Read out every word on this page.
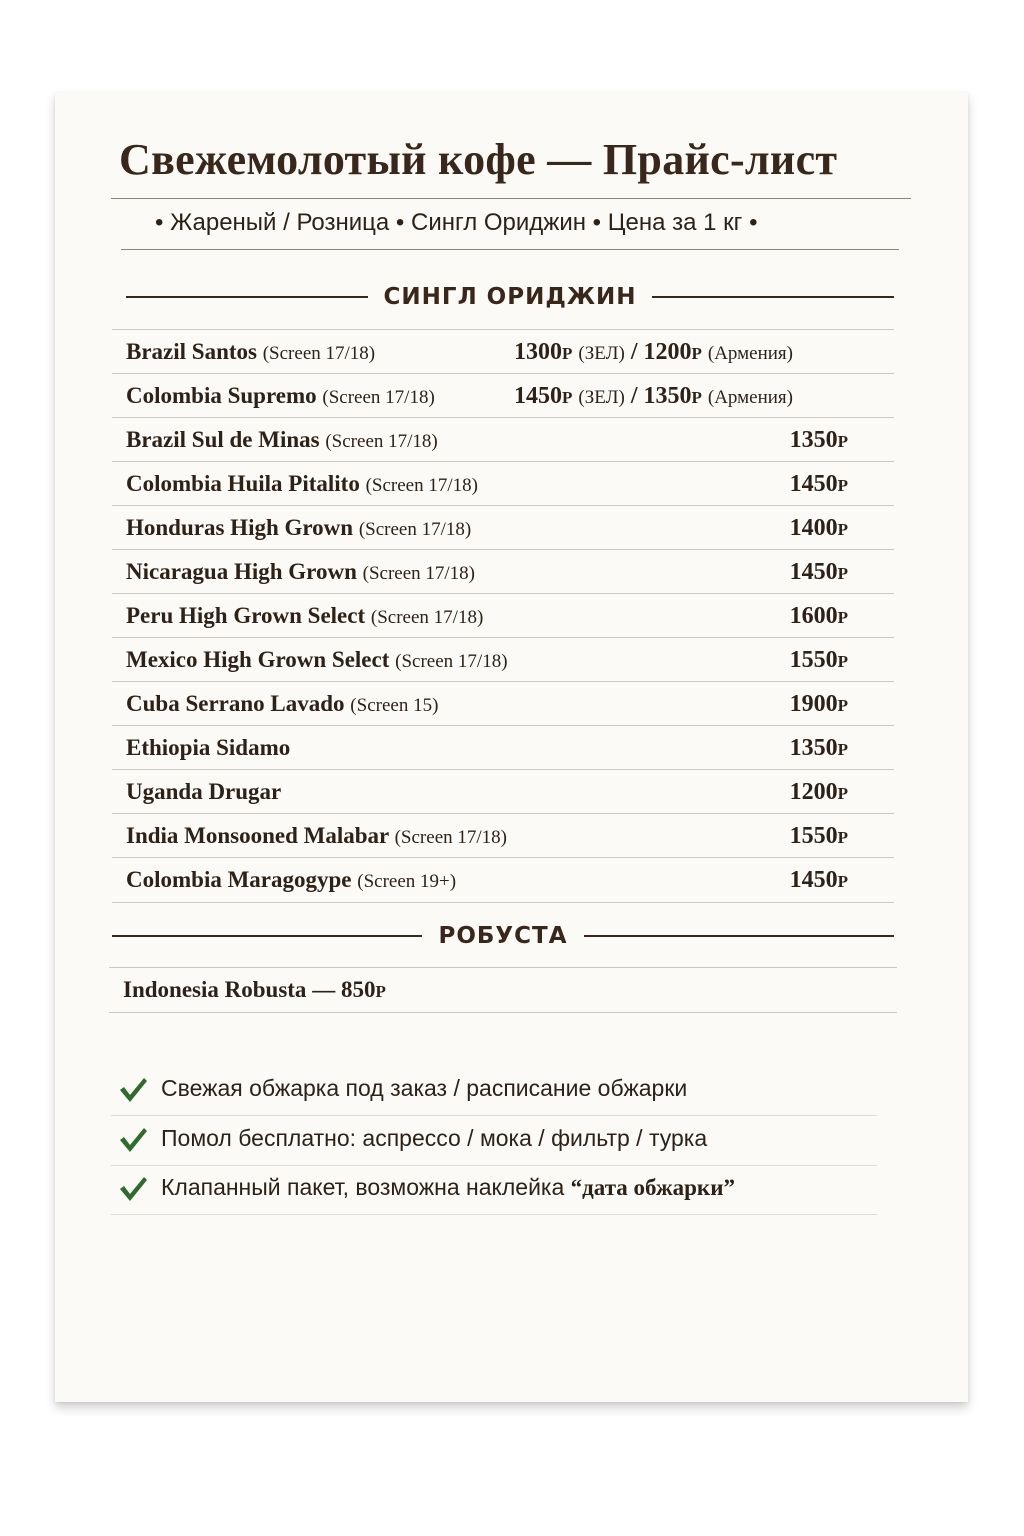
Свежемолотый кофе — Прайс-лист
• Жареный / Розница • Сингл Ориджин • Цена за 1 кг •
СИНГЛ ОРИДЖИН
Brazil Santos (Screen 17/18)	1300Р (ЗЕЛ) / 1200Р (Армения)
Colombia Supremo (Screen 17/18)	1450Р (ЗЕЛ) / 1350Р (Армения)
Brazil Sul de Minas (Screen 17/18)	1350Р
Colombia Huila Pitalito (Screen 17/18)	1450Р
Honduras High Grown (Screen 17/18)	1400Р
Nicaragua High Grown (Screen 17/18)	1450Р
Peru High Grown Select (Screen 17/18)	1600Р
Mexico High Grown Select (Screen 17/18)	1550Р
Cuba Serrano Lavado (Screen 15)	1900Р
Ethiopia Sidamo	1350Р
Uganda Drugar	1200Р
India Monsooned Malabar (Screen 17/18)	1550Р
Colombia Maragogype (Screen 19+)	1450Р
РОБУСТА
Indonesia Robusta — 850Р
Свежая обжарка под заказ / расписание обжарки
Помол бесплатно: аспрессо / мока / фильтр / турка
Клапанный пакет, возможна наклейка “дата обжарки”
